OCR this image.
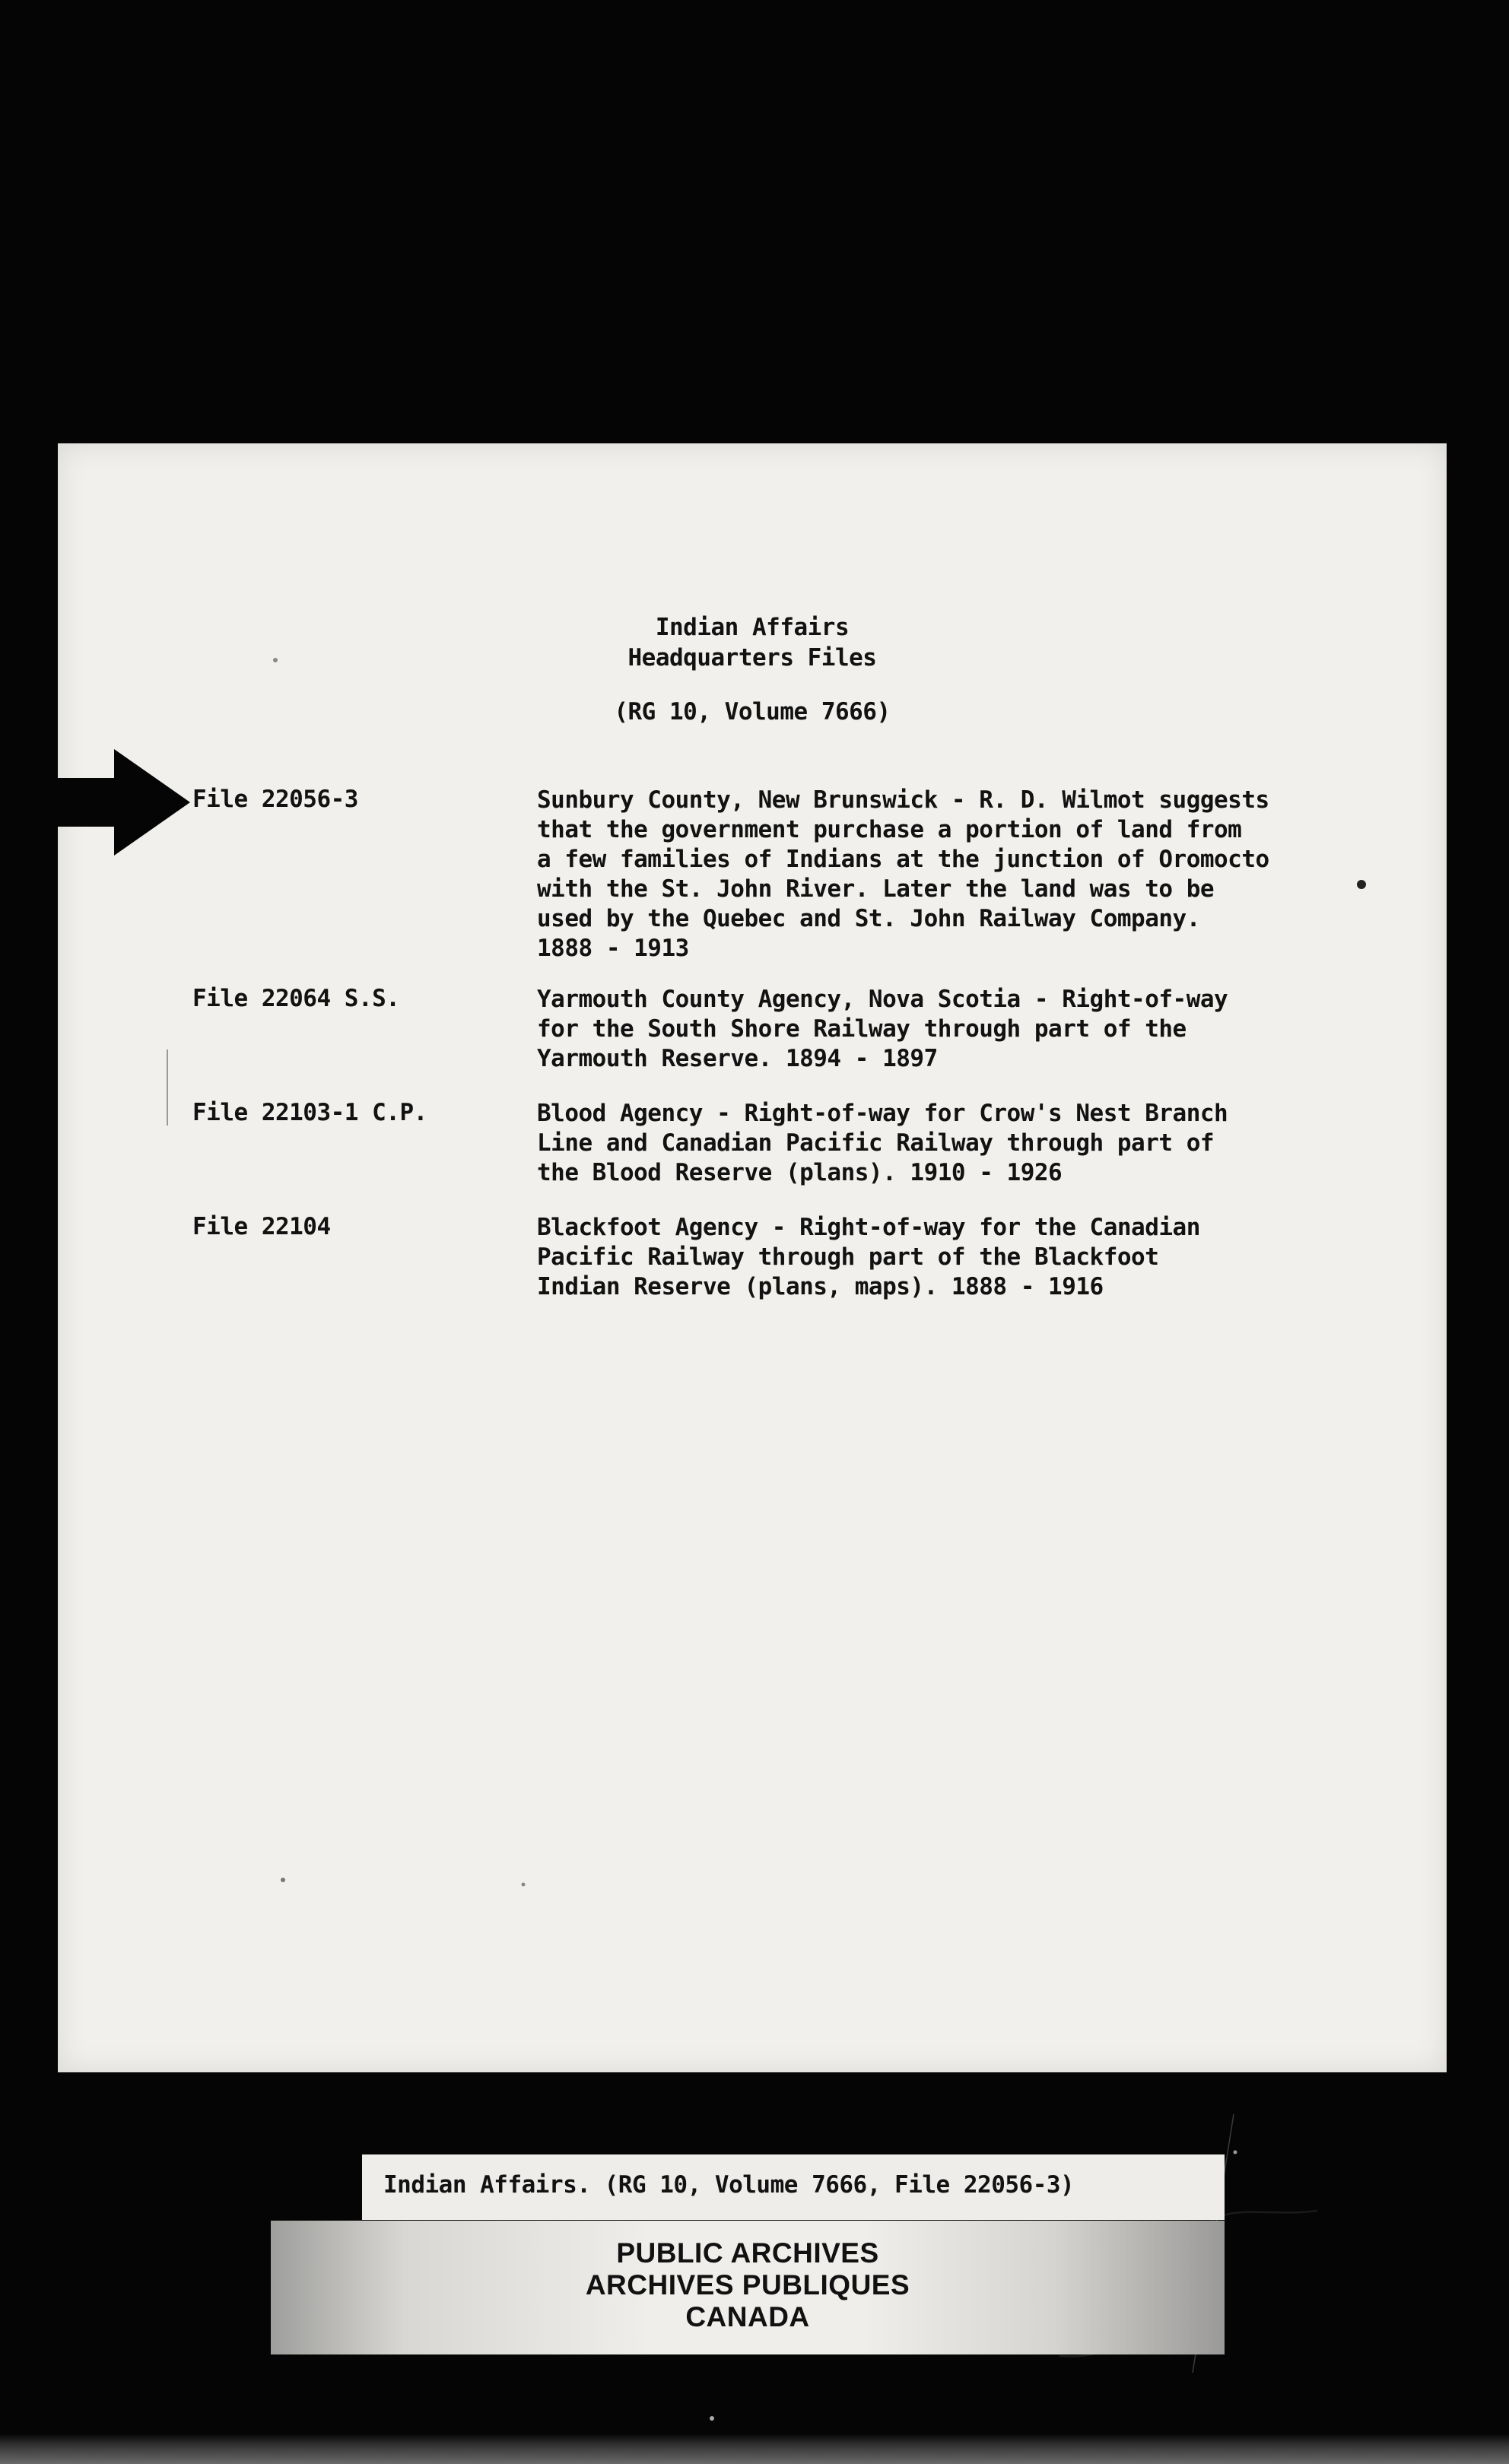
Indian Affairs
Headquarters Files
(RG 10, Volume 7666)
File 22056-3	Sunbury County, New Brunswick - R. D. Wilmot suggests
that the government purchase a portion of land from
a few families of Indians at the junction of Oromocto
with the St. John River. Later the land was to be
used by the Quebec and St. John Railway Company.
1888 - 1913
File 22064 S.S.	Yarmouth County Agency, Nova Scotia - Right-of-way
for the South Shore Railway through part of the
Yarmouth Reserve. 1894 - 1897
File 22103-1 C.P.	Blood Agency - Right-of-way for Crow's Nest Branch
Line and Canadian Pacific Railway through part of
the Blood Reserve (plans). 1910 - 1926
File 22104	Blackfoot Agency - Right-of-way for the Canadian
Pacific Railway through part of the Blackfoot
Indian Reserve (plans, maps). 1888 - 1916
Indian Affairs. (RG 10, Volume 7666, File 22056-3)
PUBLIC ARCHIVES
ARCHIVES PUBLIQUES
CANADA
